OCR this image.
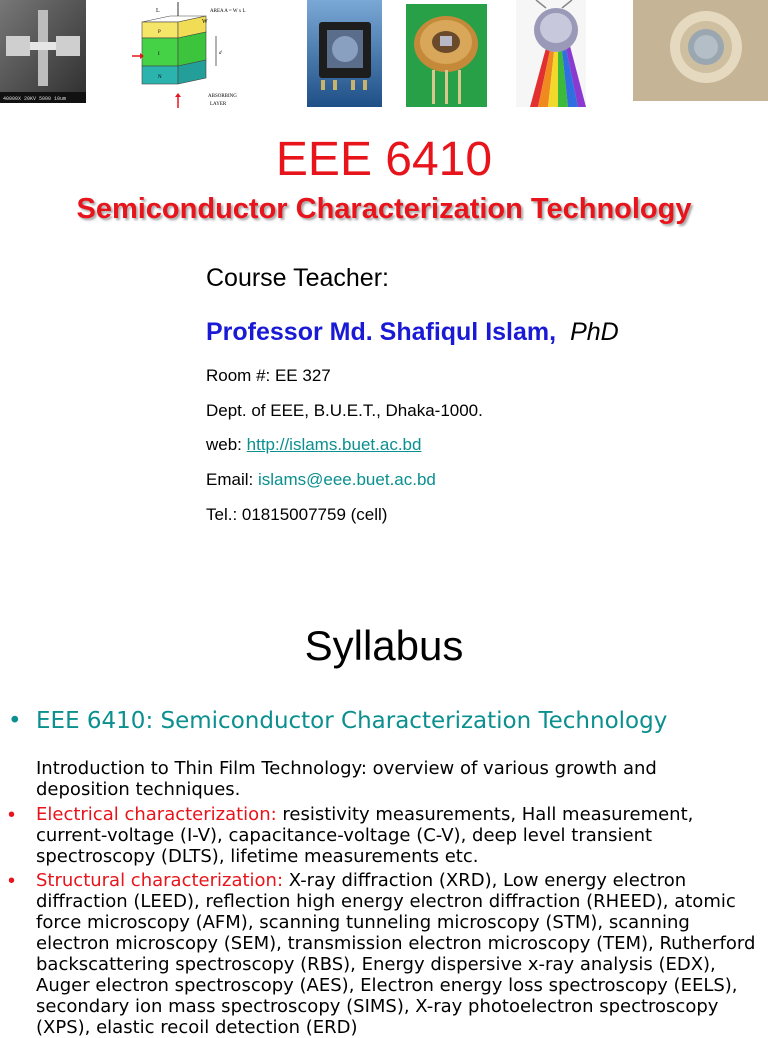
40000X 20KV 5000 10um
L
W
AREA A = W x L
P
I
N
d
ABSORBING
LAYER
EEE 6410
Semiconductor Characterization Technology
Course Teacher:
Professor Md. Shafiqul Islam, PhD
Room #: EE 327
Dept. of EEE, B.U.E.T., Dhaka-1000.
web: http://islams.buet.ac.bd
Email: islams@eee.buet.ac.bd
Tel.: 01815007759 (cell)
Syllabus
• EEE 6410: Semiconductor Characterization Technology
Introduction to Thin Film Technology: overview of various growth and deposition techniques.
• Electrical characterization: resistivity measurements, Hall measurement, current-voltage (I-V), capacitance-voltage (C-V), deep level transient spectroscopy (DLTS), lifetime measurements etc.
• Structural characterization: X-ray diffraction (XRD), Low energy electron diffraction (LEED), reflection high energy electron diffraction (RHEED), atomic force microscopy (AFM), scanning tunneling microscopy (STM), scanning electron microscopy (SEM), transmission electron microscopy (TEM), Rutherford backscattering spectroscopy (RBS), Energy dispersive x-ray analysis (EDX), Auger electron spectroscopy (AES), Electron energy loss spectroscopy (EELS), secondary ion mass spectroscopy (SIMS), X-ray photoelectron spectroscopy (XPS), elastic recoil detection (ERD)
